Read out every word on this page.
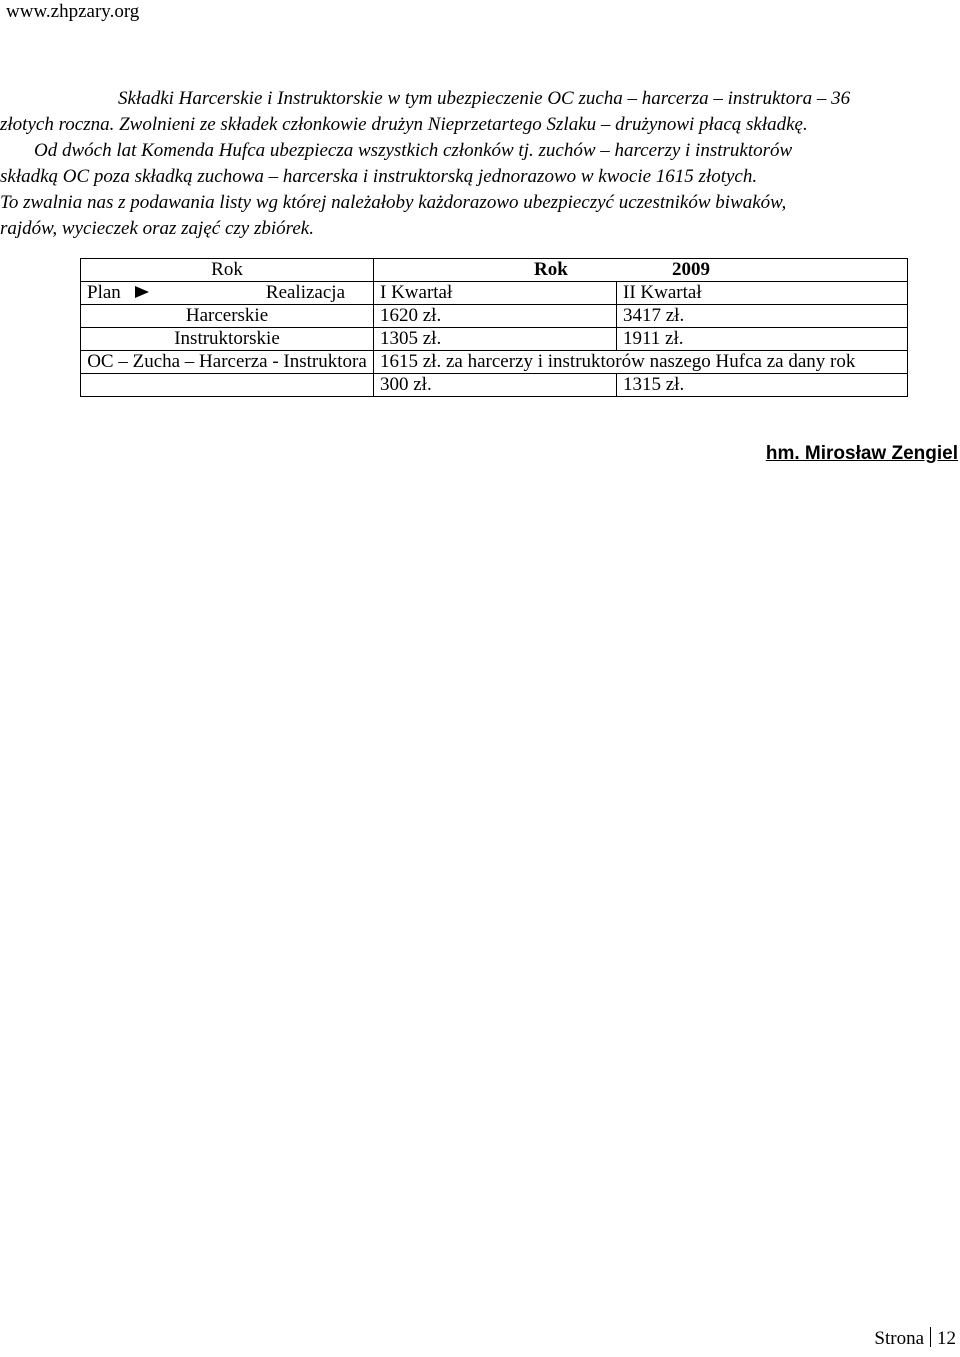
www.zhpzary.org
Składki Harcerskie i Instruktorskie w tym ubezpieczenie OC zucha – harcerza – instruktora – 36
złotych roczna. Zwolnieni ze składek członkowie drużyn Nieprzetartego Szlaku – drużynowi płacą składkę.
Od dwóch lat Komenda Hufca ubezpiecza wszystkich członków tj. zuchów – harcerzy i instruktorów
składką OC poza składką zuchowa – harcerska i instruktorską jednorazowo w kwocie 1615 złotych.
To zwalnia nas z podawania listy wg której należałoby każdorazowo ubezpieczyć uczestników biwaków,
rajdów, wycieczek oraz zajęć czy zbiórek.
Rok	Rok 2009	

Plan Realizacja	I Kwartał	II Kwartał
Harcerskie	1620 zł.	3417 zł.
Instruktorskie	1305 zł.	1911 zł.
OC – Zucha – Harcerza - Instruktora	1615 zł. za harcerzy i instruktorów naszego Hufca za dany rok	
	300 zł.	1315 zł.
hm. Mirosław Zengiel
Strona 12
